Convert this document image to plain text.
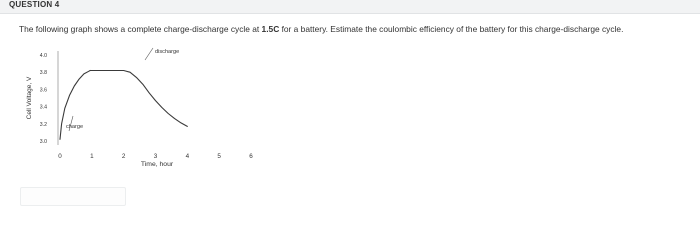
QUESTION 4
The following graph shows a complete charge-discharge cycle at 1.5C for a battery. Estimate the coulombic efficiency of the battery for this charge-discharge cycle.
4.0
3.8
3.6
3.4
3.2
3.0
0	1	2	3	4	5	6
Time, hour
Cell Voltage, V
charge
discharge
